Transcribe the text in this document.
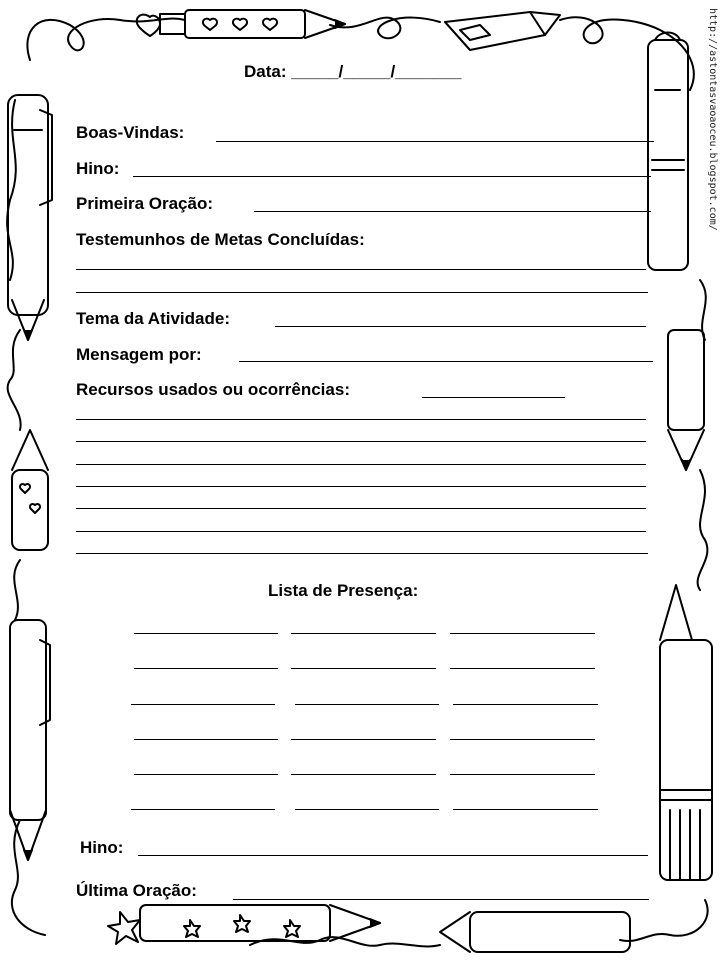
http://astontasvaoaoceu.blogspot.com/
Data: _____/_____/_______
Boas-Vindas:
Hino:
Primeira Oração:
Testemunhos de Metas Concluídas:
Tema da Atividade:
Mensagem por:
Recursos usados ou ocorrências:
Lista de Presença:
Hino:
Última Oração:
